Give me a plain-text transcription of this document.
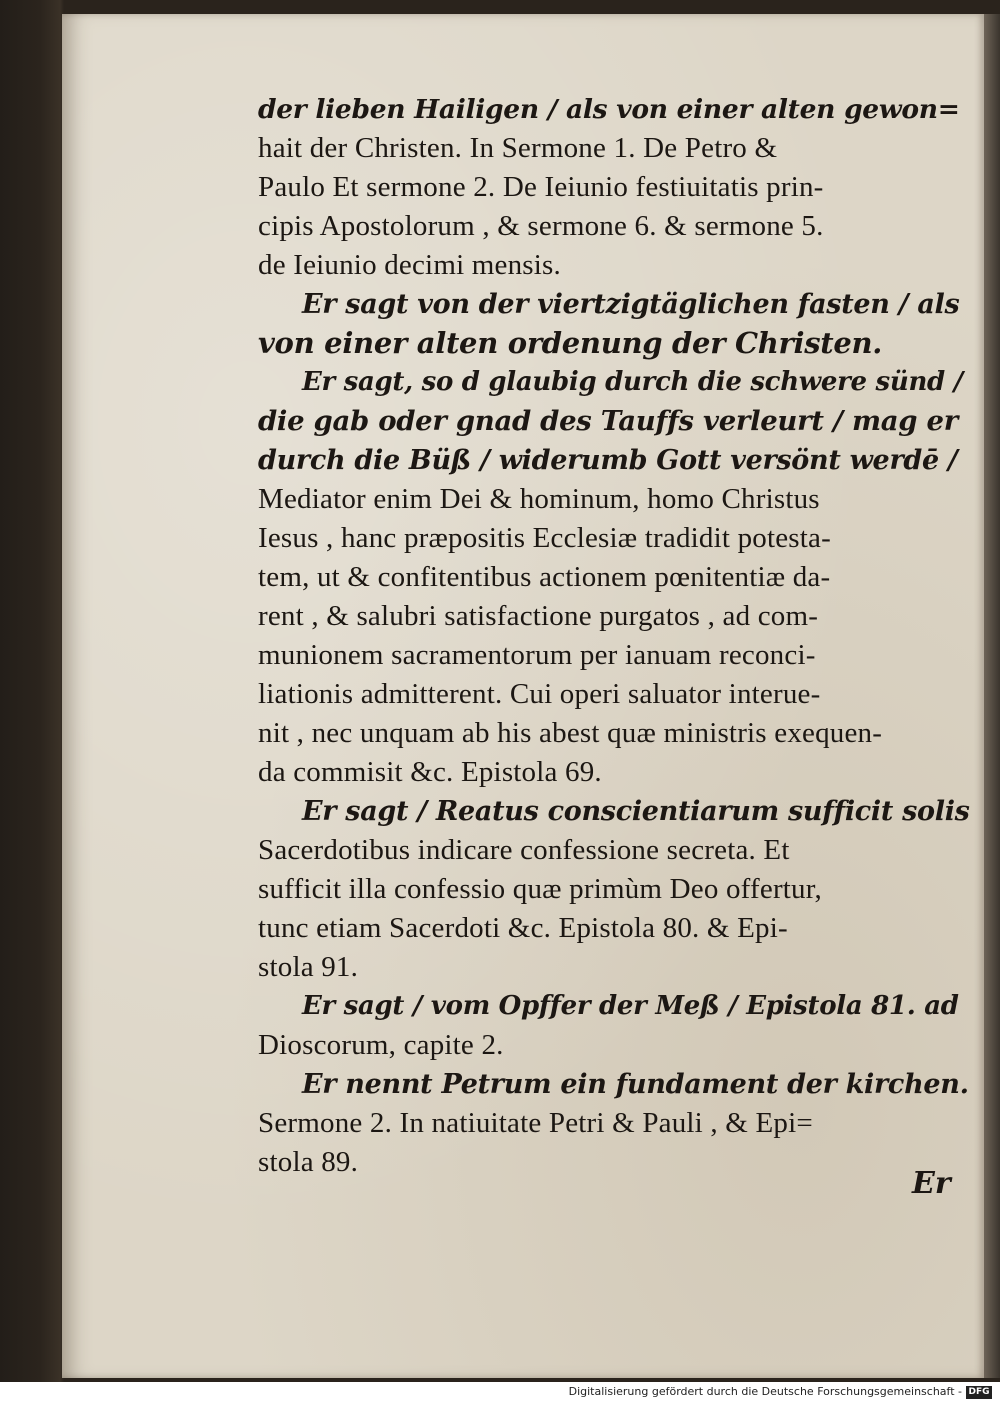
der lieben Hailigen / als von einer alten gewon=
hait der Christen. In Sermone 1. De Petro &
Paulo Et sermone 2. De Ieiunio festiuitatis prin-
cipis Apostolorum , & sermone 6. & sermone 5.
de Ieiunio decimi mensis.
Er sagt von der viertzigtäglichen fasten / als
von einer alten ordenung der Christen.
Er sagt, so d glaubig durch die schwere sünd /
die gab oder gnad des Tauffs verleurt / mag er
durch die Büß / widerumb Gott versönt werdē /
Mediator enim Dei & hominum, homo Christus
Iesus , hanc præpositis Ecclesiæ tradidit potesta-
tem, ut & confitentibus actionem pœnitentiæ da-
rent , & salubri satisfactione purgatos , ad com-
munionem sacramentorum per ianuam reconci-
liationis admitterent. Cui operi saluator interue-
nit , nec unquam ab his abest quæ ministris exequen-
da commisit &c. Epistola 69.
Er sagt / Reatus conscientiarum sufficit solis
Sacerdotibus indicare confessione secreta. Et
sufficit illa confessio quæ primùm Deo offertur,
tunc etiam Sacerdoti &c. Epistola 80. & Epi-
stola 91.
Er sagt / vom Opffer der Meß / Epistola 81. ad
Dioscorum, capite 2.
Er nennt Petrum ein fundament der kirchen.
Sermone 2. In natiuitate Petri & Pauli , & Epi=
stola 89.
Er
Digitalisierung gefördert durch die Deutsche Forschungsgemeinschaft - DFG
